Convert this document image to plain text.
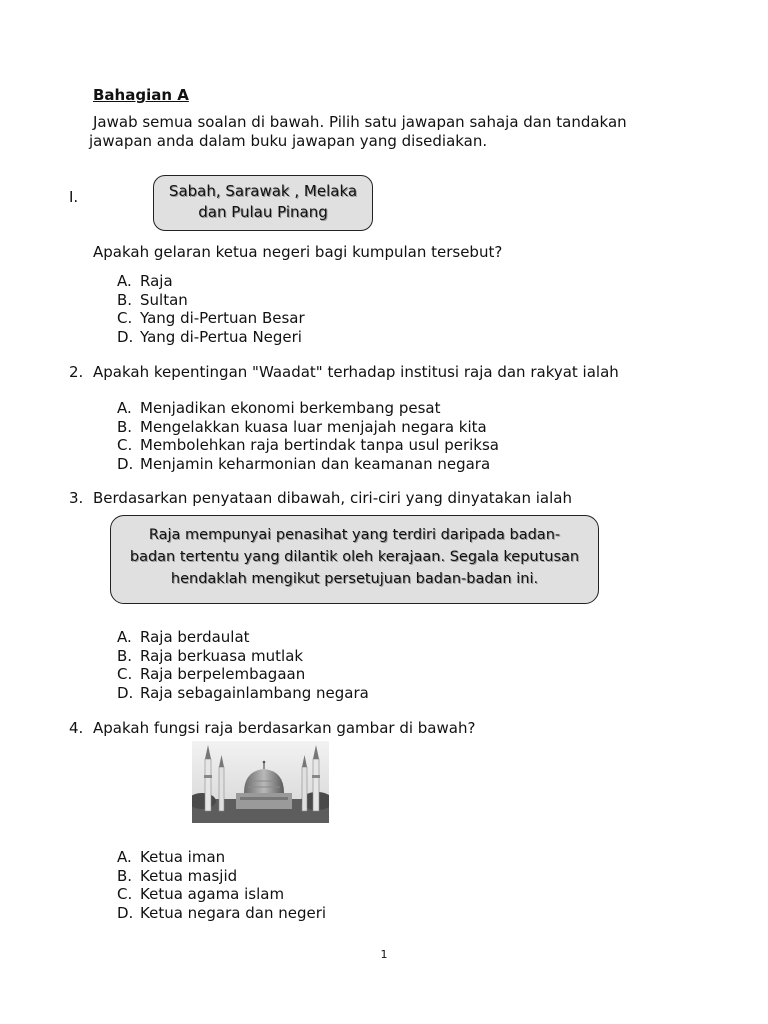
Bahagian A
Jawab semua soalan di bawah. Pilih satu jawapan sahaja dan tandakan
jawapan anda dalam buku jawapan yang disediakan.
I.	Sabah, Sarawak , Melaka
dan Pulau Pinang
Apakah gelaran ketua negeri bagi kumpulan tersebut?
A. Raja
B. Sultan
C. Yang di-Pertuan Besar
D. Yang di-Pertua Negeri
2. Apakah kepentingan "Waadat" terhadap institusi raja dan rakyat ialah
A. Menjadikan ekonomi berkembang pesat
B. Mengelakkan kuasa luar menjajah negara kita
C. Membolehkan raja bertindak tanpa usul periksa
D. Menjamin keharmonian dan keamanan negara
3. Berdasarkan penyataan dibawah, ciri-ciri yang dinyatakan ialah
Raja mempunyai penasihat yang terdiri daripada badan-
badan tertentu yang dilantik oleh kerajaan. Segala keputusan
hendaklah mengikut persetujuan badan-badan ini.
A. Raja berdaulat
B. Raja berkuasa mutlak
C. Raja berpelembagaan
D. Raja sebagainlambang negara
4. Apakah fungsi raja berdasarkan gambar di bawah?
A. Ketua iman
B. Ketua masjid
C. Ketua agama islam
D. Ketua negara dan negeri
1
